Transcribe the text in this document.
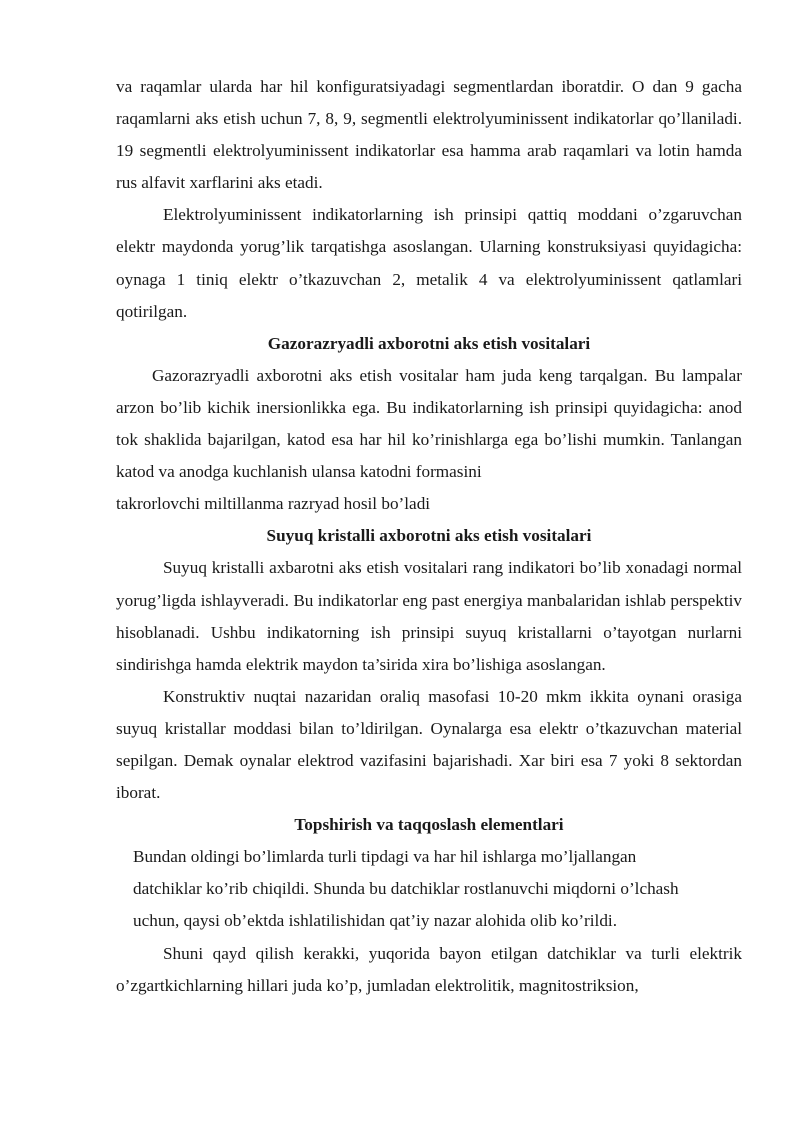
va raqamlar ularda har hil konfiguratsiyadagi segmentlardan iboratdir. O dan 9 gacha raqamlarni aks etish uchun 7, 8, 9, segmentli elektrolyuminissent indikatorlar qo’llaniladi. 19 segmentli elektrolyuminissent indikatorlar esa hamma arab raqamlari va lotin hamda rus alfavit xarflarini aks etadi.

Elektrolyuminissent indikatorlarning ish prinsipi qattiq moddani o’zgaruvchan elektr maydonda yorug’lik tarqatishga asoslangan. Ularning konstruksiyasi quyidagicha: oynaga 1 tiniq elektr o’tkazuvchan 2, metalik 4 va elektrolyuminissent qatlamlari qotirilgan.

Gazorazryadli axborotni aks etish vositalari

Gazorazryadli axborotni aks etish vositalar ham juda keng tarqalgan. Bu lampalar arzon bo’lib kichik inersionlikka ega. Bu indikatorlarning ish prinsipi quyidagicha: anod tok shaklida bajarilgan, katod esa har hil ko’rinishlarga ega bo’lishi mumkin. Tanlangan katod va anodga kuchlanish ulansa katodni formasini

takrorlovchi miltillanma razryad hosil bo’ladi

Suyuq kristalli axborotni aks etish vositalari

Suyuq kristalli axbarotni aks etish vositalari rang indikatori bo’lib xonadagi normal yorug’ligda ishlayveradi. Bu indikatorlar eng past energiya manbalaridan ishlab perspektiv hisoblanadi. Ushbu indikatorning ish prinsipi suyuq kristallarni o’tayotgan nurlarni sindirishga hamda elektrik maydon ta’sirida xira bo’lishiga asoslangan.

Konstruktiv nuqtai nazaridan oraliq masofasi 10-20 mkm ikkita oynani orasiga suyuq kristallar moddasi bilan to’ldirilgan. Oynalarga esa elektr o’tkazuvchan material sepilgan. Demak oynalar elektrod vazifasini bajarishadi. Xar biri esa 7 yoki 8 sektordan iborat.

Topshirish va taqqoslash elementlari

Bundan oldingi bo’limlarda turli tipdagi va har hil ishlarga mo’ljallangan
datchiklar ko’rib chiqildi. Shunda bu datchiklar rostlanuvchi miqdorni o’lchash
uchun, qaysi ob’ektda ishlatilishidan qat’iy nazar alohida olib ko’rildi.

Shuni qayd qilish kerakki, yuqorida bayon etilgan datchiklar va turli elektrik o’zgartkichlarning hillari juda ko’p, jumladan elektrolitik, magnitostriksion,
